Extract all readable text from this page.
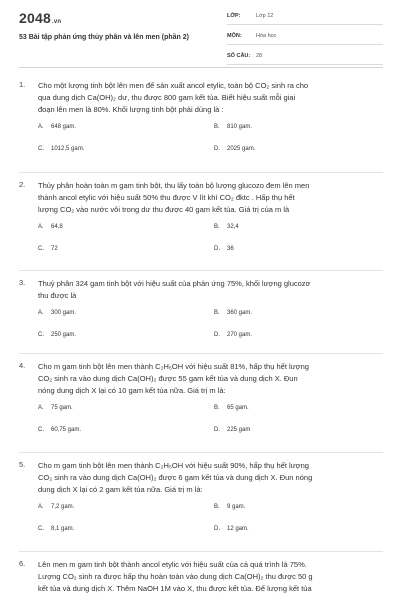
2048.vn
53 Bài tập phản ứng thủy phân và lên men (phần 2)
LỚP:	Lớp 12
MÔN:	Hóa học
SỐ CÂU: 28
1. Cho một lượng tinh bột lên men để sản xuất ancol etylic, toàn bộ CO₂ sinh ra cho
qua dung dịch Ca(OH)₂ dư, thu được 800 gam kết tủa. Biết hiệu suất mỗi giai
đoạn lên men là 80%. Khối lượng tinh bột phải dùng là :
A. 648 gam.	B. 810 gam.
C. 1012,5 gam.	D. 2025 gam.
2. Thủy phân hoàn toàn m gam tinh bột, thu lấy toàn bộ lượng glucozo đem lên men
thành ancol etylic với hiệu suất 50% thu được V lít khí CO₂ đktc . Hấp thụ hết
lượng CO₂ vào nước vôi trong dư thu được 40 gam kết tủa. Giá trị của m là
A. 64,8	B. 32,4
C. 72	D. 36
3. Thuỷ phân 324 gam tinh bột với hiệu suất của phản ứng 75%, khối lượng glucozơ
thu được là
A. 300 gam.	B. 360 gam.
C. 250 gam.	D. 270 gam.
4. Cho m gam tinh bột lên men thành C₂H₅OH với hiệu suất 81%, hấp thụ hết lượng
CO₂ sinh ra vào dung dịch Ca(OH)₂ được 55 gam kết tủa và dung dịch X. Đun
nóng dung dịch X lại có 10 gam kết tủa nữa. Giá trị m là:
A. 75 gam.	B. 65 gam.
C. 60,75 gam.	D. 225 gam
5. Cho m gam tinh bột lên men thành C₂H₅OH với hiệu suất 90%, hấp thụ hết lượng
CO₂ sinh ra vào dung dịch Ca(OH)₂ được 6 gam kết tủa và dung dịch X. Đun nóng
dung dịch X lại có 2 gam kết tủa nữa. Giá trị m là:
A. 7,2 gam.	B. 9 gam.
C. 8,1 gam.	D. 12 gam.
6. Lên men m gam tinh bột thành ancol etylic với hiệu suất của cả quá trình là 75%.
Lượng CO₂ sinh ra được hấp thụ hoàn toàn vào dung dịch Ca(OH)₂ thu được 50 g
kết tủa và dung dịch X. Thêm NaOH 1M vào X, thu được kết tủa. Để lượng kết tủa
